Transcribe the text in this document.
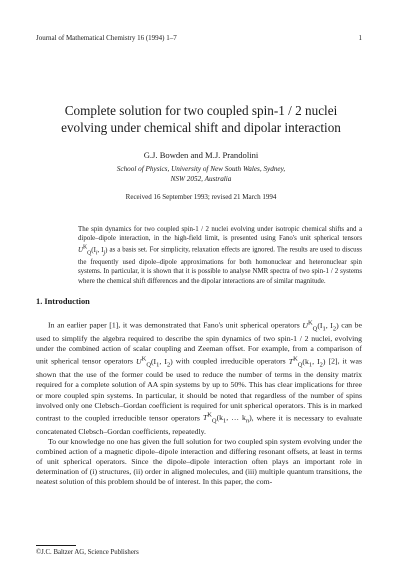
Journal of Mathematical Chemistry 16 (1994) 1–7	1
Complete solution for two coupled spin-1 / 2 nuclei
evolving under chemical shift and dipolar interaction
G.J. Bowden and M.J. Prandolini
School of Physics, University of New South Wales, Sydney,
NSW 2052, Australia
Received 16 September 1993; revised 21 March 1994
The spin dynamics for two coupled spin-1 / 2 nuclei evolving under isotropic chemical shifts and a dipole–dipole interaction, in the high-field limit, is presented using Fano's unit spherical tensors $U^K_Q(I_i$, $I_j$) as a basis set. For simplicity, relaxation effects are ignored. The results are used to discuss the frequently used dipole–dipole approximations for both homonuclear and heteronuclear spin systems. In particular, it is shown that it is possible to analyse NMR spectra of two spin-1 / 2 systems where the chemical shift differences and the dipolar interactions are of similar magnitude.
1. Introduction

In an earlier paper [1], it was demonstrated that Fano's unit spherical operators $U^K_Q(I_1$, $I_2$) can be used to simplify the algebra required to describe the spin dynamics of two spin-1 / 2 nuclei, evolving under the combined action of scalar coupling and Zeeman offset. For example, from a comparison of unit spherical tensor operators $U^K_Q(I_1$, $I_2$) with coupled irreducible operators $T^K_Q(k_1$, $I_2$) [2], it was shown that the use of the former could be used to reduce the number of terms in the density matrix required for a complete solution of AA spin systems by up to 50%. This has clear implications for three or more coupled spin systems. In particular, it should be noted that regardless of the number of spins involved only one Clebsch–Gordan coefficient is required for unit spherical operators. This is in marked contrast to the coupled irreducible tensor operators $T^K_Q(k_1$, … $k_n$), where it is necessary to evaluate concatenated Clebsch–Gordan coefficients, repeatedly.

To our knowledge no one has given the full solution for two coupled spin system evolving under the combined action of a magnetic dipole–dipole interaction and differing resonant offsets, at least in terms of unit spherical operators. Since the dipole–dipole interaction often plays an important role in determination of (i) structures, (ii) order in aligned molecules, and (iii) multiple quantum transitions, the neatest solution of this problem should be of interest. In this paper, the com-

©J.C. Baltzer AG, Science Publishers
